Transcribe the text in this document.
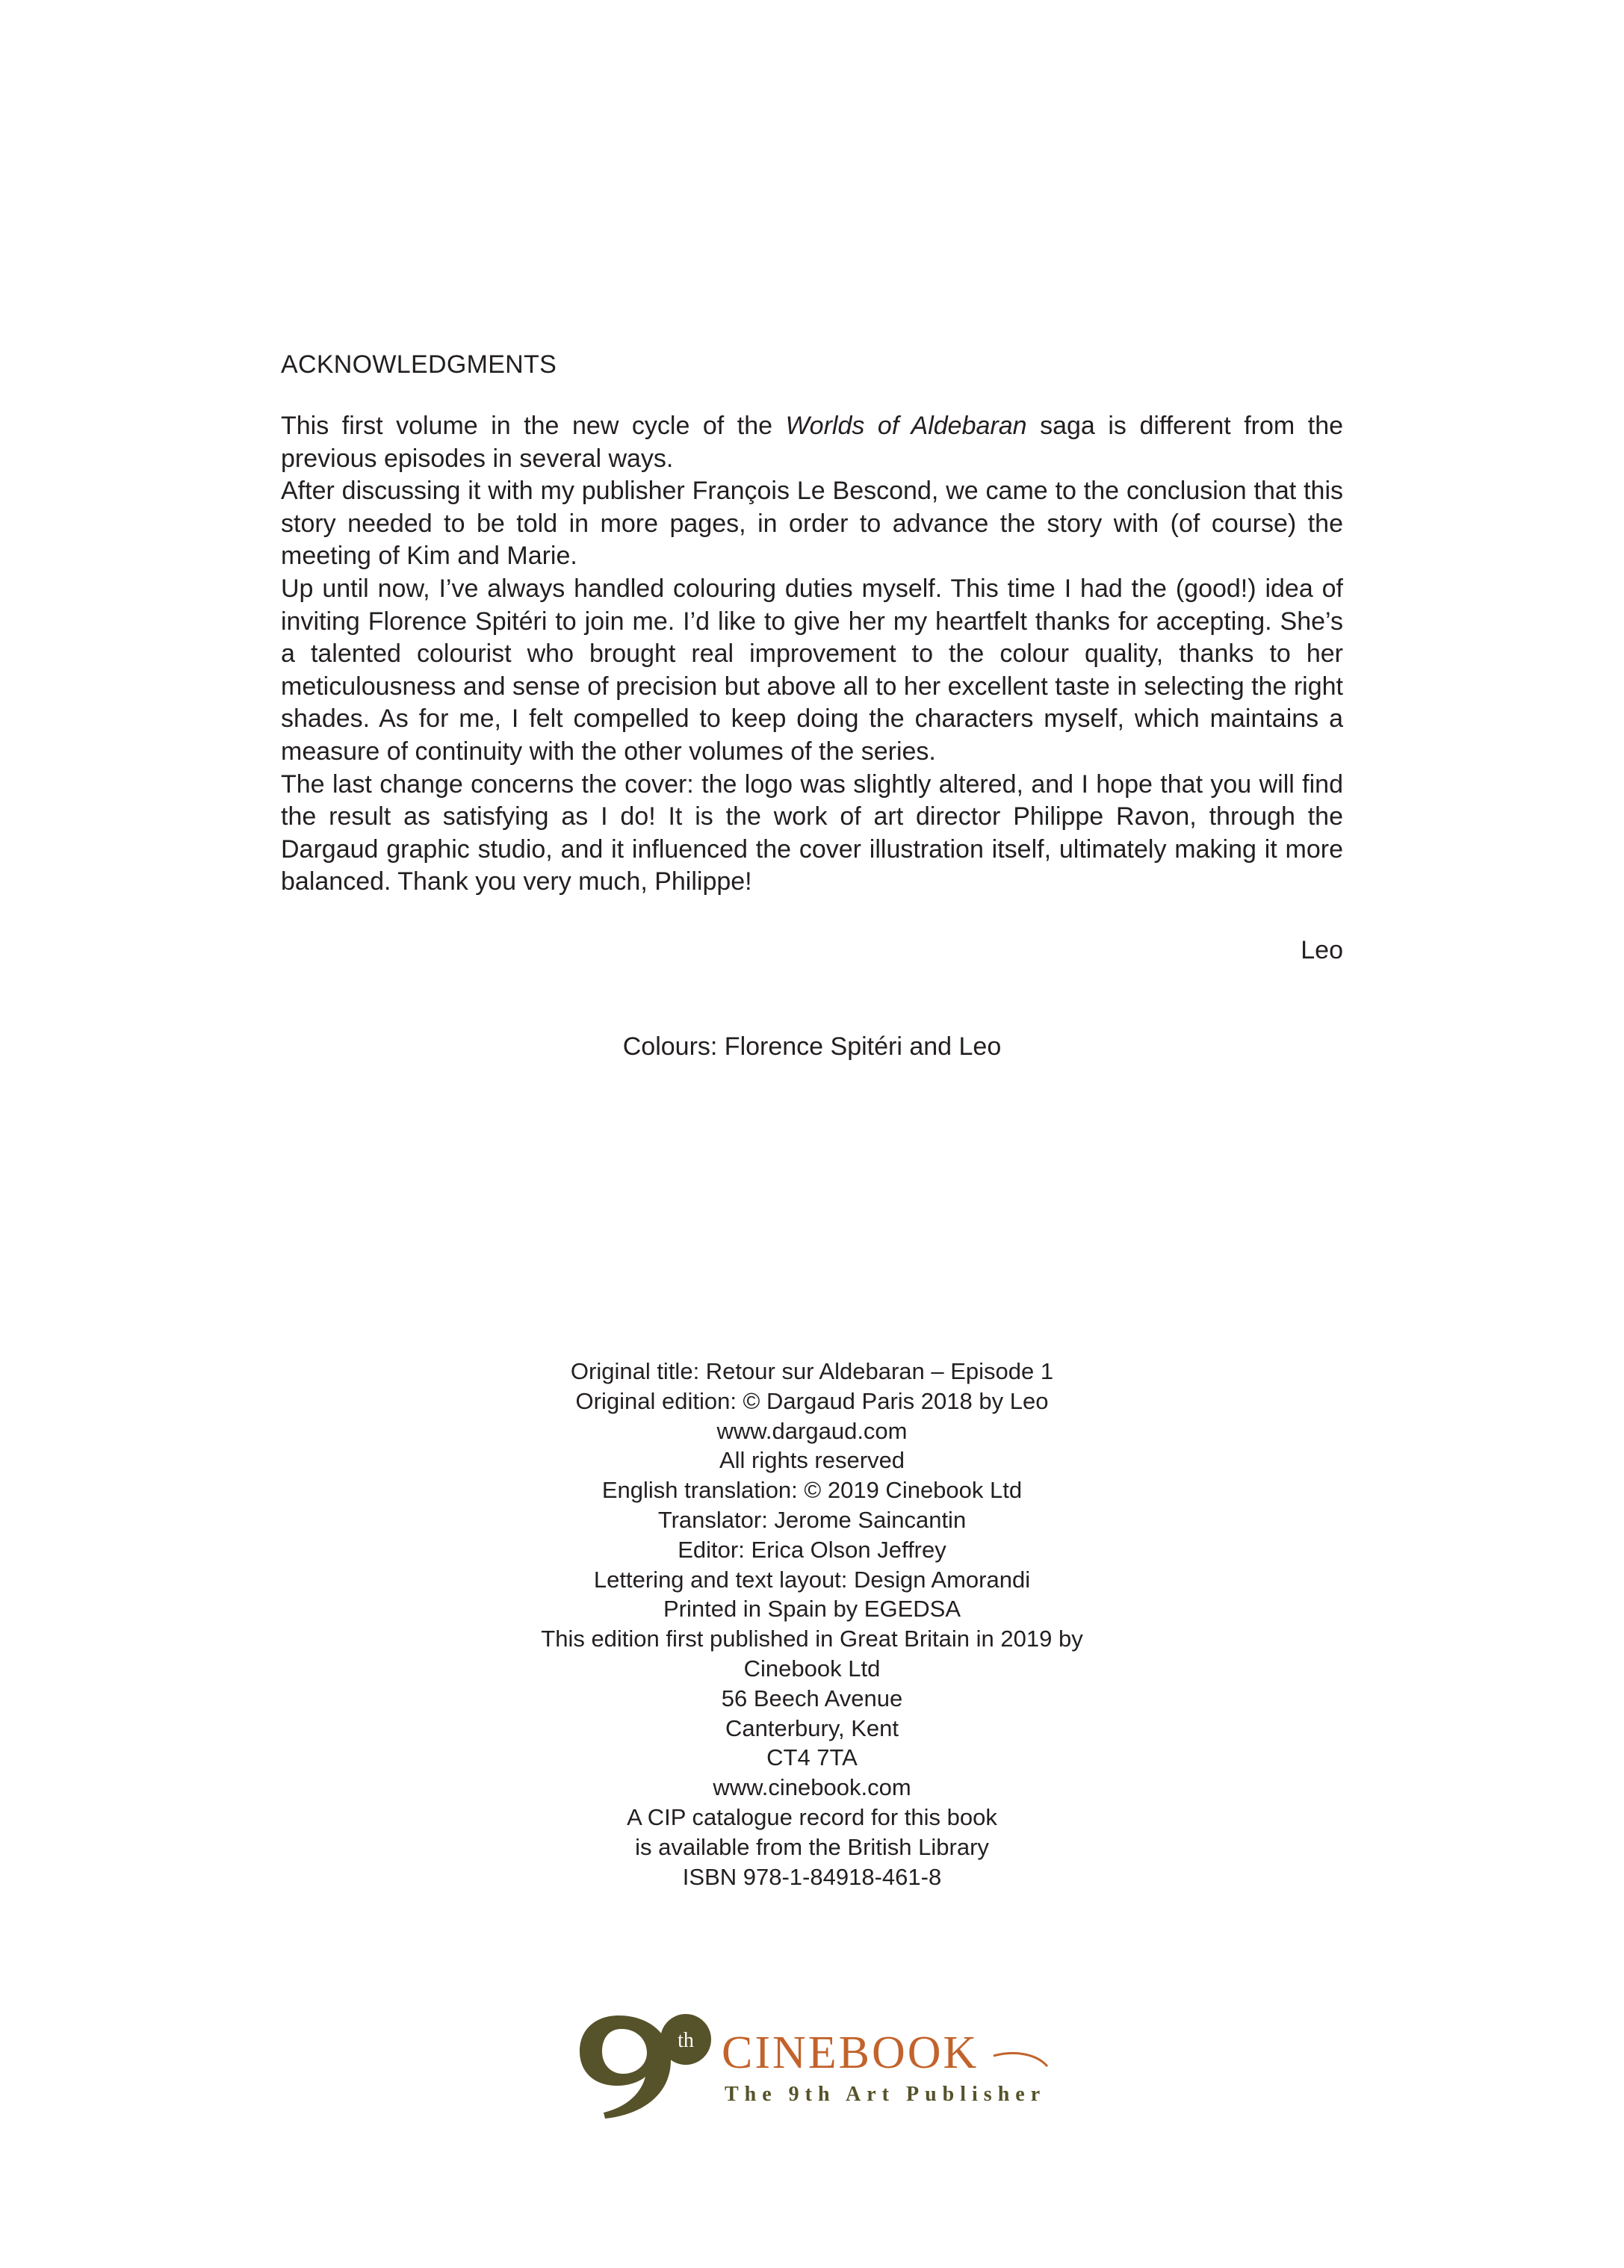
ACKNOWLEDGMENTS

This first volume in the new cycle of the Worlds of Aldebaran saga is different from the previous episodes in several ways.

After discussing it with my publisher François Le Bescond, we came to the conclusion that this story needed to be told in more pages, in order to advance the story with (of course) the meeting of Kim and Marie.

Up until now, I’ve always handled colouring duties myself. This time I had the (good!) idea of inviting Florence Spitéri to join me. I’d like to give her my heartfelt thanks for accepting. She’s a talented colourist who brought real improvement to the colour quality, thanks to her meticulousness and sense of precision but above all to her excellent taste in selecting the right shades. As for me, I felt compelled to keep doing the characters myself, which maintains a measure of continuity with the other volumes of the series.

The last change concerns the cover: the logo was slightly altered, and I hope that you will find the result as satisfying as I do! It is the work of art director Philippe Ravon, through the Dargaud graphic studio, and it influenced the cover illustration itself, ultimately making it more balanced. Thank you very much, Philippe!

Leo
Colours: Florence Spitéri and Leo
Original title: Retour sur Aldebaran – Episode 1
Original edition: © Dargaud Paris 2018 by Leo
www.dargaud.com
All rights reserved
English translation: © 2019 Cinebook Ltd
Translator: Jerome Saincantin
Editor: Erica Olson Jeffrey
Lettering and text layout: Design Amorandi
Printed in Spain by EGEDSA
This edition first published in Great Britain in 2019 by
Cinebook Ltd
56 Beech Avenue
Canterbury, Kent
CT4 7TA
www.cinebook.com
A CIP catalogue record for this book
is available from the British Library
ISBN 978-1-84918-461-8
th CINEBOOK
The 9th Art Publisher
